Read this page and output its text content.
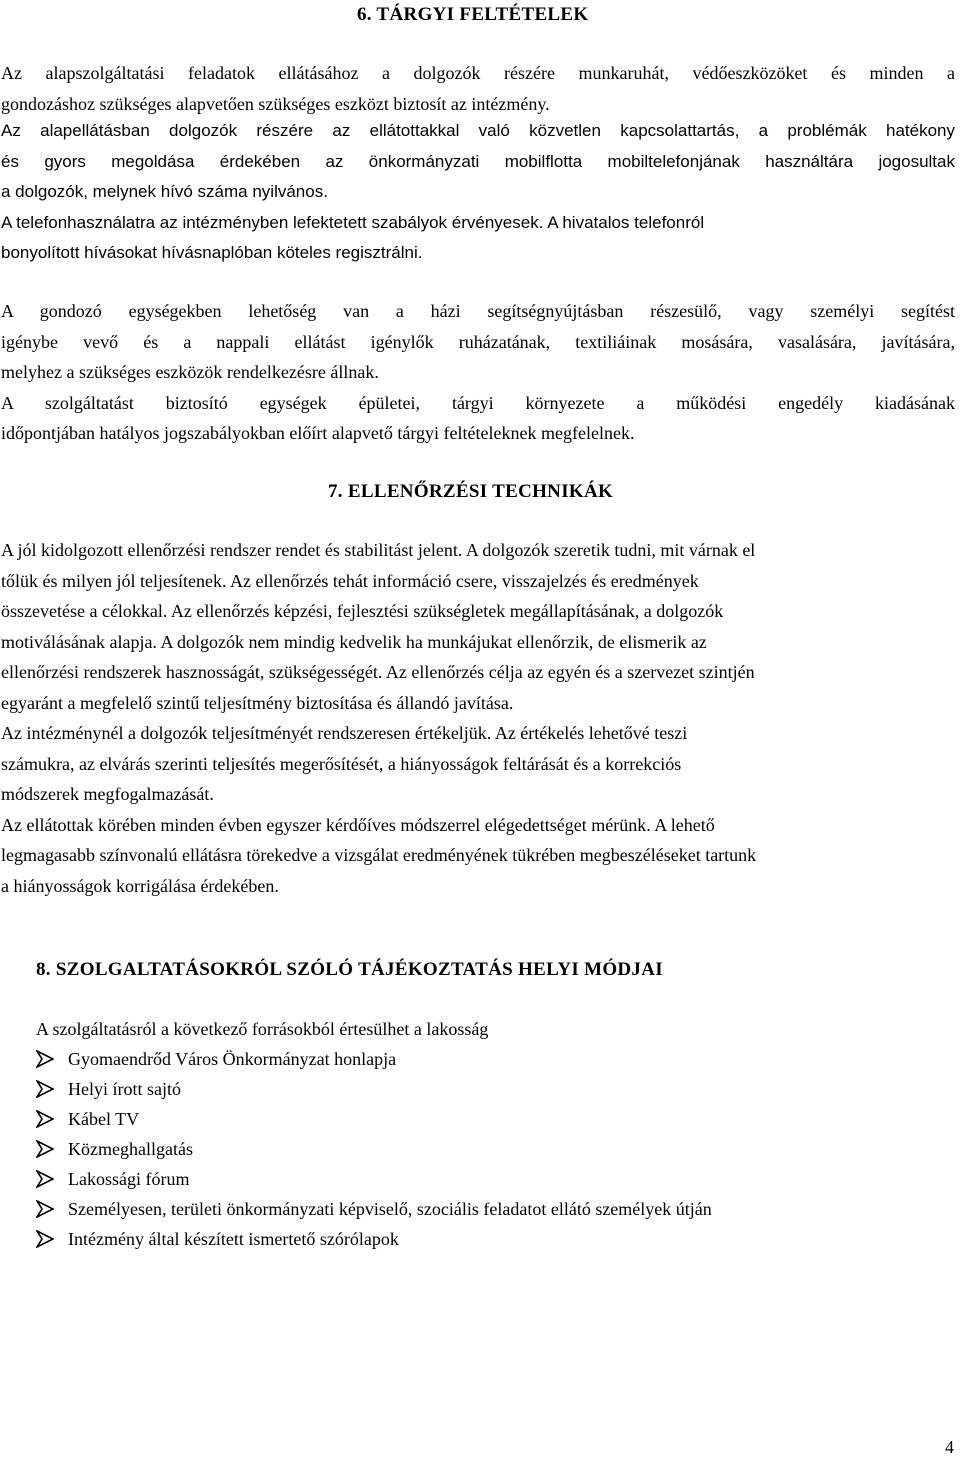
6. TÁRGYI FELTÉTELEK
Az alapszolgáltatási feladatok ellátásához a dolgozók részére munkaruhát, védőeszközöket és minden a
gondozáshoz szükséges alapvetően szükséges eszközt biztosít az intézmény.
Az alapellátásban dolgozók részére az ellátottakkal való közvetlen kapcsolattartás, a problémák hatékony
és gyors megoldása érdekében az önkormányzati mobilflotta mobiltelefonjának használtára jogosultak
a dolgozók, melynek hívó száma nyilvános.
A telefonhasználatra az intézményben lefektetett szabályok érvényesek. A hivatalos telefonról
bonyolított hívásokat hívásnaplóban köteles regisztrálni.
A gondozó egységekben lehetőség van a házi segítségnyújtásban részesülő, vagy személyi segítést
igénybe vevő és a nappali ellátást igénylők ruházatának, textiliáinak mosására, vasalására, javítására,
melyhez a szükséges eszközök rendelkezésre állnak.
A szolgáltatást biztosító egységek épületei, tárgyi környezete a működési engedély kiadásának
időpontjában hatályos jogszabályokban előírt alapvető tárgyi feltételeknek megfelelnek.
7. ELLENŐRZÉSI TECHNIKÁK
A jól kidolgozott ellenőrzési rendszer rendet és stabilitást jelent. A dolgozók szeretik tudni, mit várnak el
tőlük és milyen jól teljesítenek. Az ellenőrzés tehát információ csere, visszajelzés és eredmények
összevetése a célokkal. Az ellenőrzés képzési, fejlesztési szükségletek megállapításának, a dolgozók
motiválásának alapja. A dolgozók nem mindig kedvelik ha munkájukat ellenőrzik, de elismerik az
ellenőrzési rendszerek hasznosságát, szükségességét. Az ellenőrzés célja az egyén és a szervezet szintjén
egyaránt a megfelelő szintű teljesítmény biztosítása és állandó javítása.
Az intézménynél a dolgozók teljesítményét rendszeresen értékeljük. Az értékelés lehetővé teszi
számukra, az elvárás szerinti teljesítés megerősítését, a hiányosságok feltárását és a korrekciós
módszerek megfogalmazását.
Az ellátottak körében minden évben egyszer kérdőíves módszerrel elégedettséget mérünk. A lehető
legmagasabb színvonalú ellátásra törekedve a vizsgálat eredményének tükrében megbeszéléseket tartunk
a hiányosságok korrigálása érdekében.
8. SZOLGALTATÁSOKRÓL SZÓLÓ TÁJÉKOZTATÁS HELYI MÓDJAI
A szolgáltatásról a következő forrásokból értesülhet a lakosság
Gyomaendrőd Város Önkormányzat honlapja
Helyi írott sajtó
Kábel TV
Közmeghallgatás
Lakossági fórum
Személyesen, területi önkormányzati képviselő, szociális feladatot ellátó személyek útján
Intézmény által készített ismertető szórólapok
4
